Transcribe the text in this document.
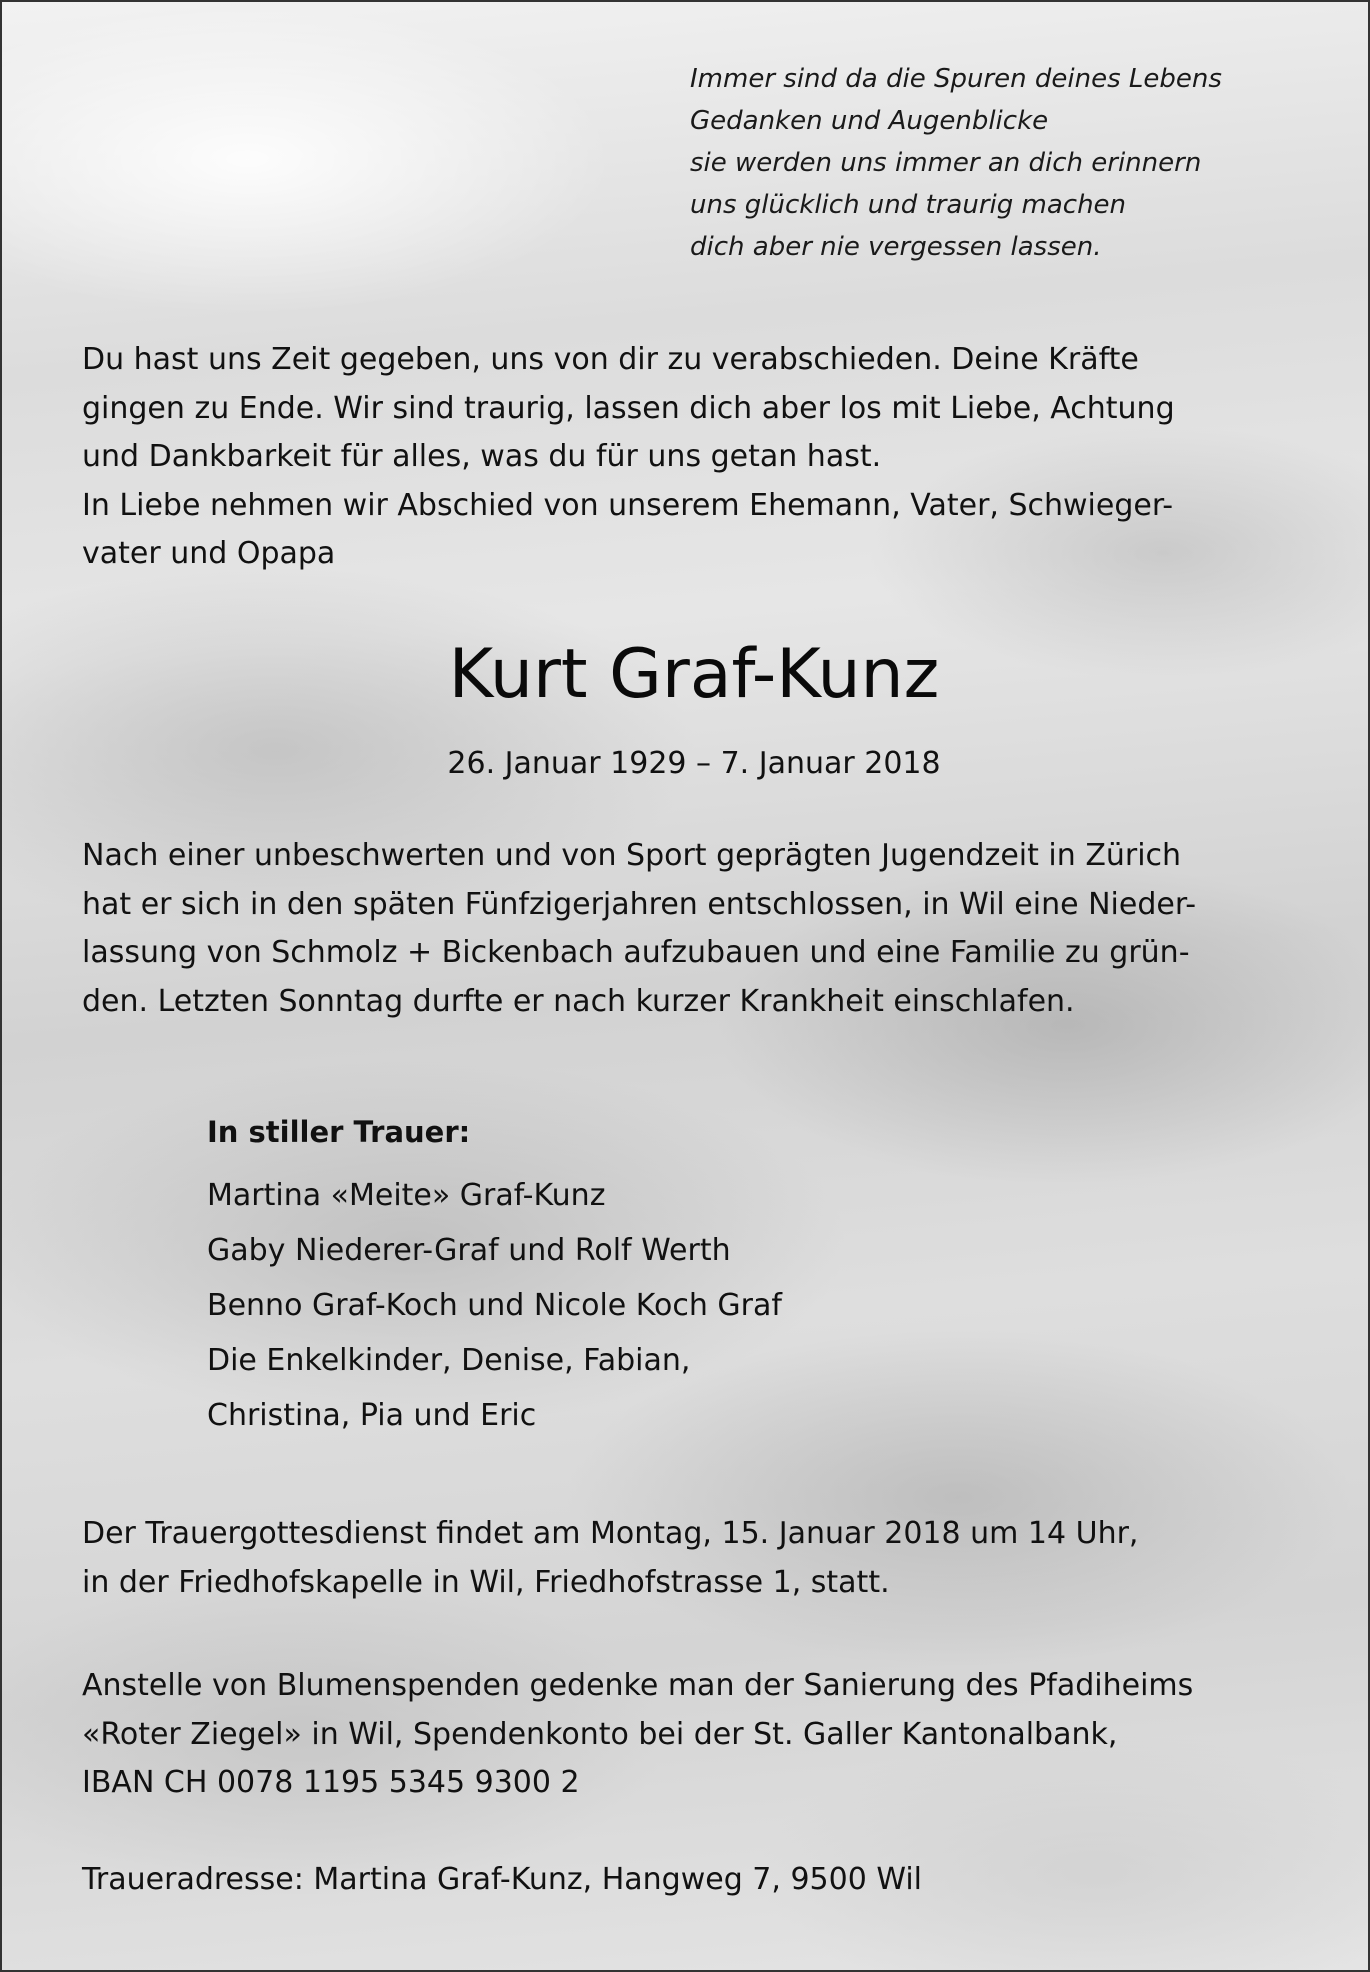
Immer sind da die Spuren deines Lebens
Gedanken und Augenblicke
sie werden uns immer an dich erinnern
uns glücklich und traurig machen
dich aber nie vergessen lassen.
Du hast uns Zeit gegeben, uns von dir zu verabschieden. Deine Kräfte
gingen zu Ende. Wir sind traurig, lassen dich aber los mit Liebe, Achtung
und Dankbarkeit für alles, was du für uns getan hast.
In Liebe nehmen wir Abschied von unserem Ehemann, Vater, Schwieger-
vater und Opapa
Kurt Graf-Kunz
26. Januar 1929 – 7. Januar 2018
Nach einer unbeschwerten und von Sport geprägten Jugendzeit in Zürich
hat er sich in den späten Fünfzigerjahren entschlossen, in Wil eine Nieder-
lassung von Schmolz + Bickenbach aufzubauen und eine Familie zu grün-
den. Letzten Sonntag durfte er nach kurzer Krankheit einschlafen.
In stiller Trauer:
Martina «Meite» Graf-Kunz
Gaby Niederer-Graf und Rolf Werth
Benno Graf-Koch und Nicole Koch Graf
Die Enkelkinder, Denise, Fabian,
Christina, Pia und Eric
Der Trauergottesdienst findet am Montag, 15. Januar 2018 um 14 Uhr,
in der Friedhofskapelle in Wil, Friedhofstrasse 1, statt.
Anstelle von Blumenspenden gedenke man der Sanierung des Pfadiheims
«Roter Ziegel» in Wil, Spendenkonto bei der St. Galler Kantonalbank,
IBAN CH 0078 1195 5345 9300 2
Traueradresse: Martina Graf-Kunz, Hangweg 7, 9500 Wil
